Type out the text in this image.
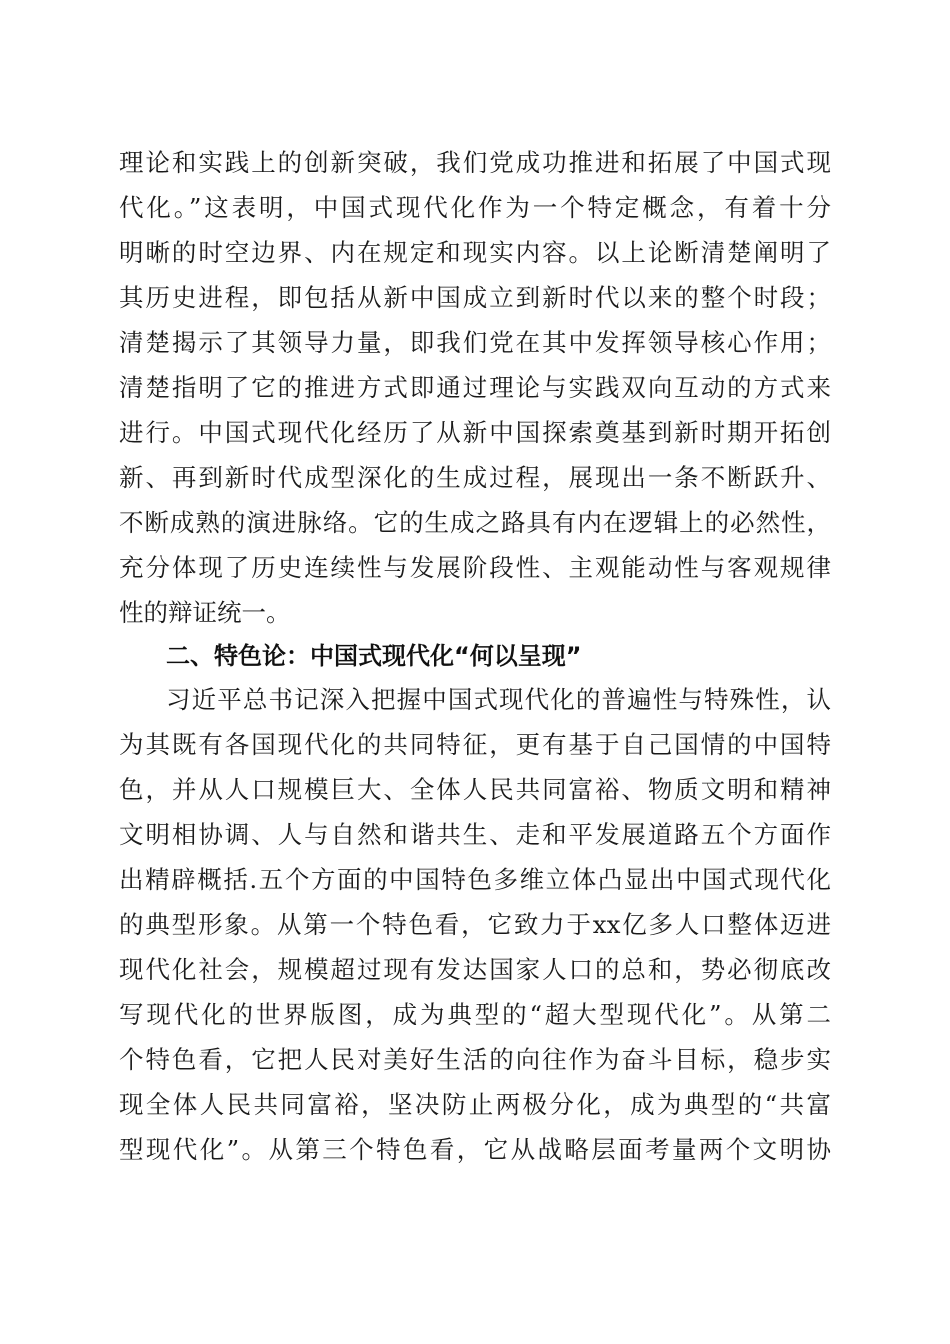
理论和实践上的创新突破，我们党成功推进和拓展了中国式现
代化。”这表明，中国式现代化作为一个特定概念，有着十分
明晰的时空边界、内在规定和现实内容。以上论断清楚阐明了
其历史进程，即包括从新中国成立到新时代以来的整个时段；
清楚揭示了其领导力量，即我们党在其中发挥领导核心作用；
清楚指明了它的推进方式即通过理论与实践双向互动的方式来
进行。中国式现代化经历了从新中国探索奠基到新时期开拓创
新、再到新时代成型深化的生成过程，展现出一条不断跃升、
不断成熟的演进脉络。它的生成之路具有内在逻辑上的必然性，
充分体现了历史连续性与发展阶段性、主观能动性与客观规律
性的辩证统一。
二、特色论：中国式现代化“何以呈现”
习近平总书记深入把握中国式现代化的普遍性与特殊性，认
为其既有各国现代化的共同特征，更有基于自己国情的中国特
色，并从人口规模巨大、全体人民共同富裕、物质文明和精神
文明相协调、人与自然和谐共生、走和平发展道路五个方面作
出精辟概括.五个方面的中国特色多维立体凸显出中国式现代化
的典型形象。从第一个特色看，它致力于xx亿多人口整体迈进
现代化社会，规模超过现有发达国家人口的总和，势必彻底改
写现代化的世界版图，成为典型的“超大型现代化”。从第二
个特色看，它把人民对美好生活的向往作为奋斗目标，稳步实
现全体人民共同富裕，坚决防止两极分化，成为典型的“共富
型现代化”。从第三个特色看，它从战略层面考量两个文明协
